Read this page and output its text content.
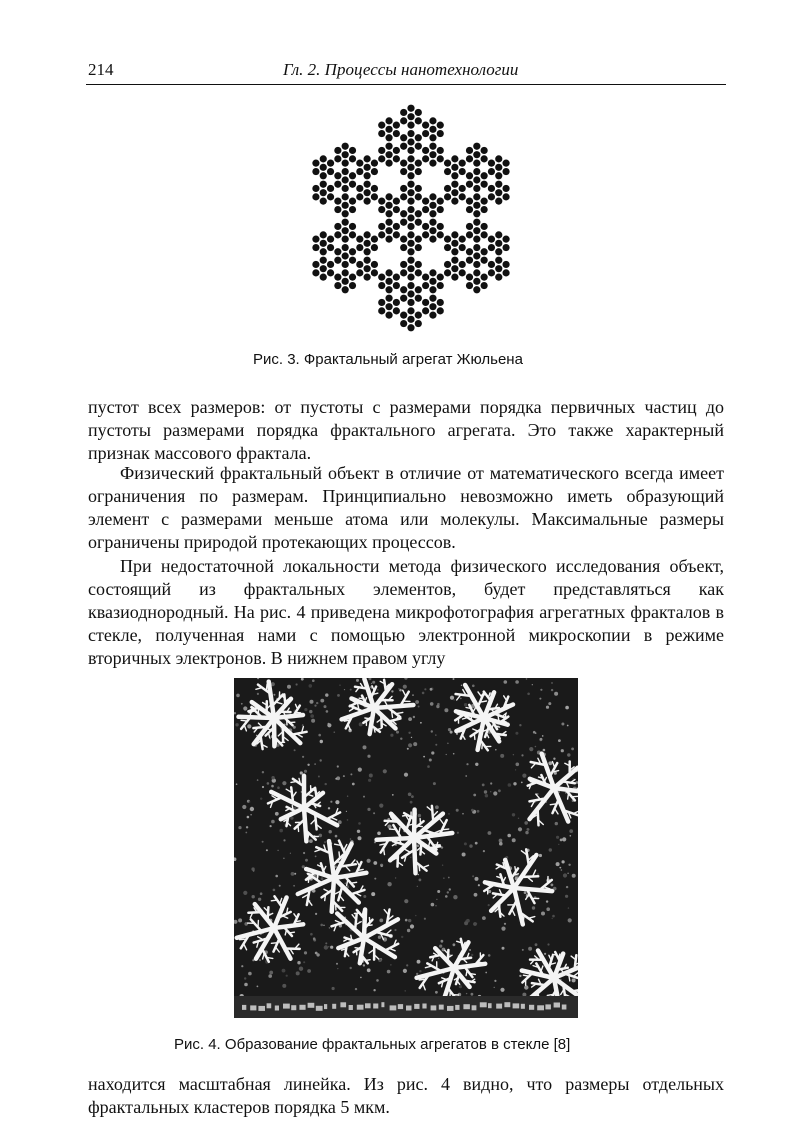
214	Гл. 2. Процессы нанотехнологии
Рис. 3. Фрактальный агрегат Жюльена

пустот всех размеров: от пустоты с размерами порядка первичных частиц до пустоты размерами порядка фрактального агрегата. Это также характерный признак массового фрактала.

Физический фрактальный объект в отличие от математического всегда имеет ограничения по размерам. Принципиально невозможно иметь образующий элемент с размерами меньше атома или молекулы. Максимальные размеры ограничены природой протекающих процессов.

При недостаточной локальности метода физического исследования объект, состоящий из фрактальных элементов, будет представляться как квазиоднородный. На рис. 4 приведена микрофотография агрегатных фракталов в стекле, полученная нами с помощью электронной микроскопии в режиме вторичных электронов. В нижнем правом углу

Рис. 4. Образование фрактальных агрегатов в стекле [8]

находится масштабная линейка. Из рис. 4 видно, что размеры отдельных фрактальных кластеров порядка 5 мкм.
